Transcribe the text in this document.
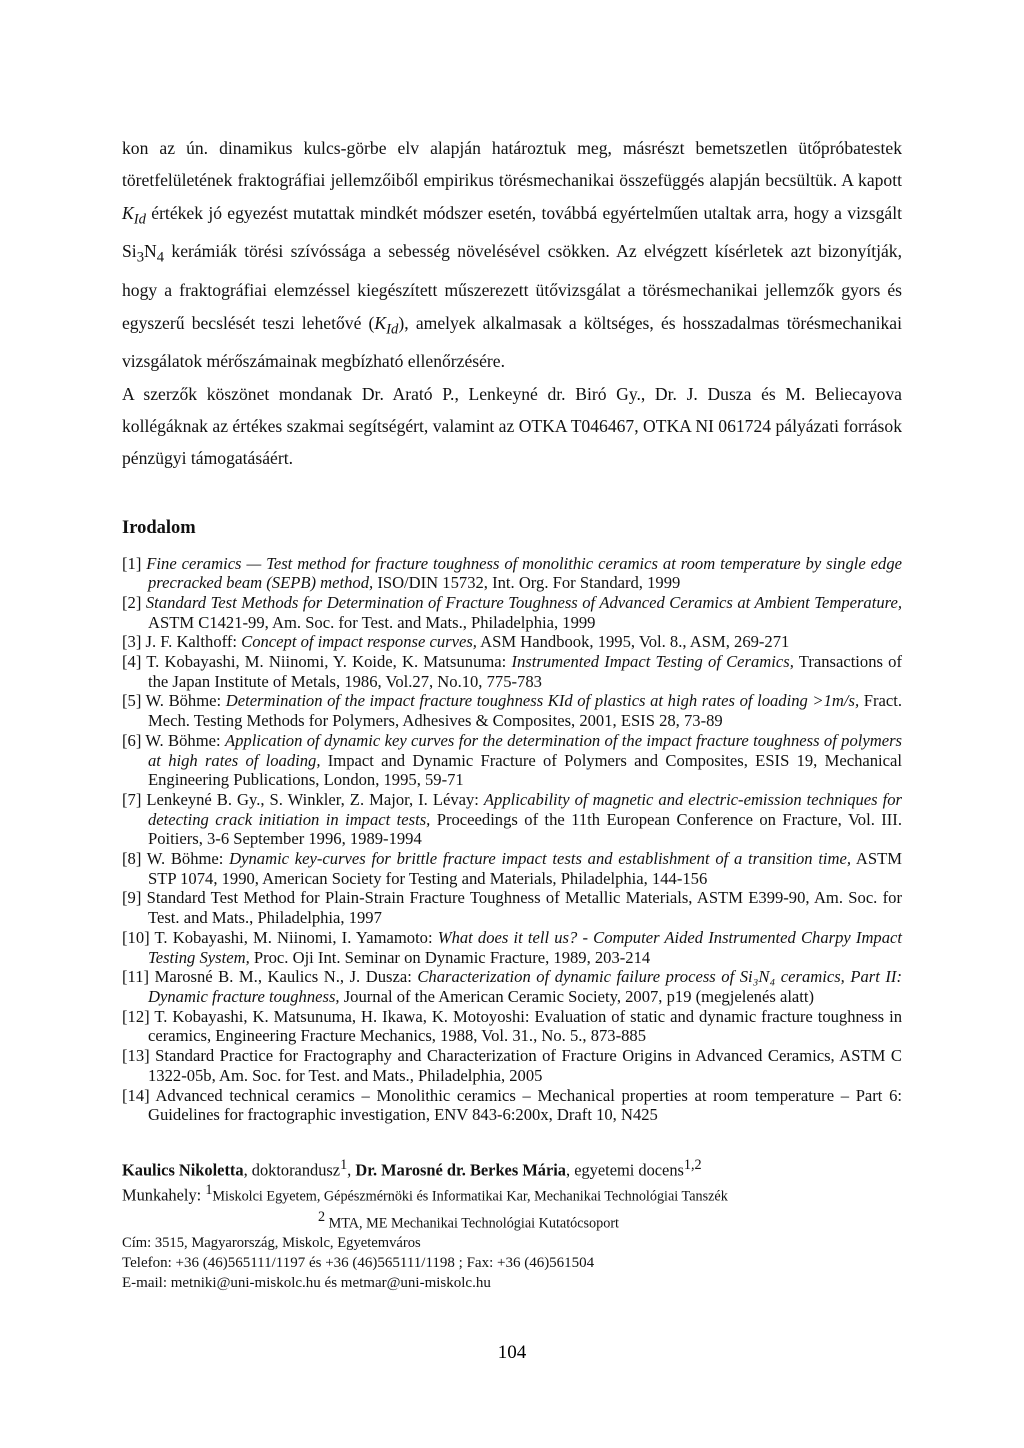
kon az ún. dinamikus kulcs-görbe elv alapján határoztuk meg, másrészt bemetszetlen ütőpróbatestek töretfelületének fraktográfiai jellemzőiből empirikus törésmechanikai összefüggés alapján becsültük. A kapott $K_{Id}$ értékek jó egyezést mutattak mindkét módszer esetén, továbbá egyértelműen utaltak arra, hogy a vizsgált $Si_3N_4$ kerámiák törési szívóssága a sebesség növelésével csökken. Az elvégzett kísérletek azt bizonyítják, hogy a fraktográfiai elemzéssel kiegészített műszerezett ütővizsgálat a törésmechanikai jellemzők gyors és egyszerű becslését teszi lehetővé $(K_{Id})$, amelyek alkalmasak a költséges, és hosszadalmas törésmechanikai vizsgálatok mérőszámainak megbízható ellenőrzésére.

A szerzők köszönet mondanak Dr. Arató P., Lenkeyné dr. Biró Gy., Dr. J. Dusza és M. Beliecayova kollégáknak az értékes szakmai segítségért, valamint az OTKA T046467, OTKA NI 061724 pályázati források pénzügyi támogatásáért.

Irodalom
[1] Fine ceramics — Test method for fracture toughness of monolithic ceramics at room temperature by single edge precracked beam (SEPB) method, ISO/DIN 15732, Int. Org. For Standard, 1999
[2] Standard Test Methods for Determination of Fracture Toughness of Advanced Ceramics at Ambient Temperature, ASTM C1421-99, Am. Soc. for Test. and Mats., Philadelphia, 1999
[3] J. F. Kalthoff: Concept of impact response curves, ASM Handbook, 1995, Vol. 8., ASM, 269-271
[4] T. Kobayashi, M. Niinomi, Y. Koide, K. Matsunuma: Instrumented Impact Testing of Ceramics, Transactions of the Japan Institute of Metals, 1986, Vol.27, No.10, 775-783
[5] W. Böhme: Determination of the impact fracture toughness KId of plastics at high rates of loading >1m/s, Fract. Mech. Testing Methods for Polymers, Adhesives & Composites, 2001, ESIS 28, 73-89
[6] W. Böhme: Application of dynamic key curves for the determination of the impact fracture toughness of polymers at high rates of loading, Impact and Dynamic Fracture of Polymers and Composites, ESIS 19, Mechanical Engineering Publications, London, 1995, 59-71
[7] Lenkeyné B. Gy., S. Winkler, Z. Major, I. Lévay: Applicability of magnetic and electric-emission techniques for detecting crack initiation in impact tests, Proceedings of the 11th European Conference on Fracture, Vol. III. Poitiers, 3-6 September 1996, 1989-1994
[8] W. Böhme: Dynamic key-curves for brittle fracture impact tests and establishment of a transition time, ASTM STP 1074, 1990, American Society for Testing and Materials, Philadelphia, 144-156
[9] Standard Test Method for Plain-Strain Fracture Toughness of Metallic Materials, ASTM E399-90, Am. Soc. for Test. and Mats., Philadelphia, 1997
[10] T. Kobayashi, M. Niinomi, I. Yamamoto: What does it tell us? - Computer Aided Instrumented Charpy Impact Testing System, Proc. Oji Int. Seminar on Dynamic Fracture, 1989, 203-214
[11] Marosné B. M., Kaulics N., J. Dusza: Characterization of dynamic failure process of Si₃N₄ ceramics, Part II: Dynamic fracture toughness, Journal of the American Ceramic Society, 2007, p19 (megjelenés alatt)
[12] T. Kobayashi, K. Matsunuma, H. Ikawa, K. Motoyoshi: Evaluation of static and dynamic fracture toughness in ceramics, Engineering Fracture Mechanics, 1988, Vol. 31., No. 5., 873-885
[13] Standard Practice for Fractography and Characterization of Fracture Origins in Advanced Ceramics, ASTM C 1322-05b, Am. Soc. for Test. and Mats., Philadelphia, 2005
[14] Advanced technical ceramics – Monolithic ceramics – Mechanical properties at room temperature – Part 6: Guidelines for fractographic investigation, ENV 843-6:200x, Draft 10, N425
Kaulics Nikoletta, doktorandusz$^1$, Dr. Marosné dr. Berkes Mária, egyetemi docens$^{1,2}$
Munkahely: $^1$Miskolci Egyetem, Gépészmérnöki és Informatikai Kar, Mechanikai Technológiai Tanszék
$^2$ MTA, ME Mechanikai Technológiai Kutatócsoport
Cím: 3515, Magyarország, Miskolc, Egyetemváros
Telefon: +36 (46)565111/1197 és +36 (46)565111/1198 ; Fax: +36 (46)561504
E-mail: metniki@uni-miskolc.hu és metmar@uni-miskolc.hu
104
